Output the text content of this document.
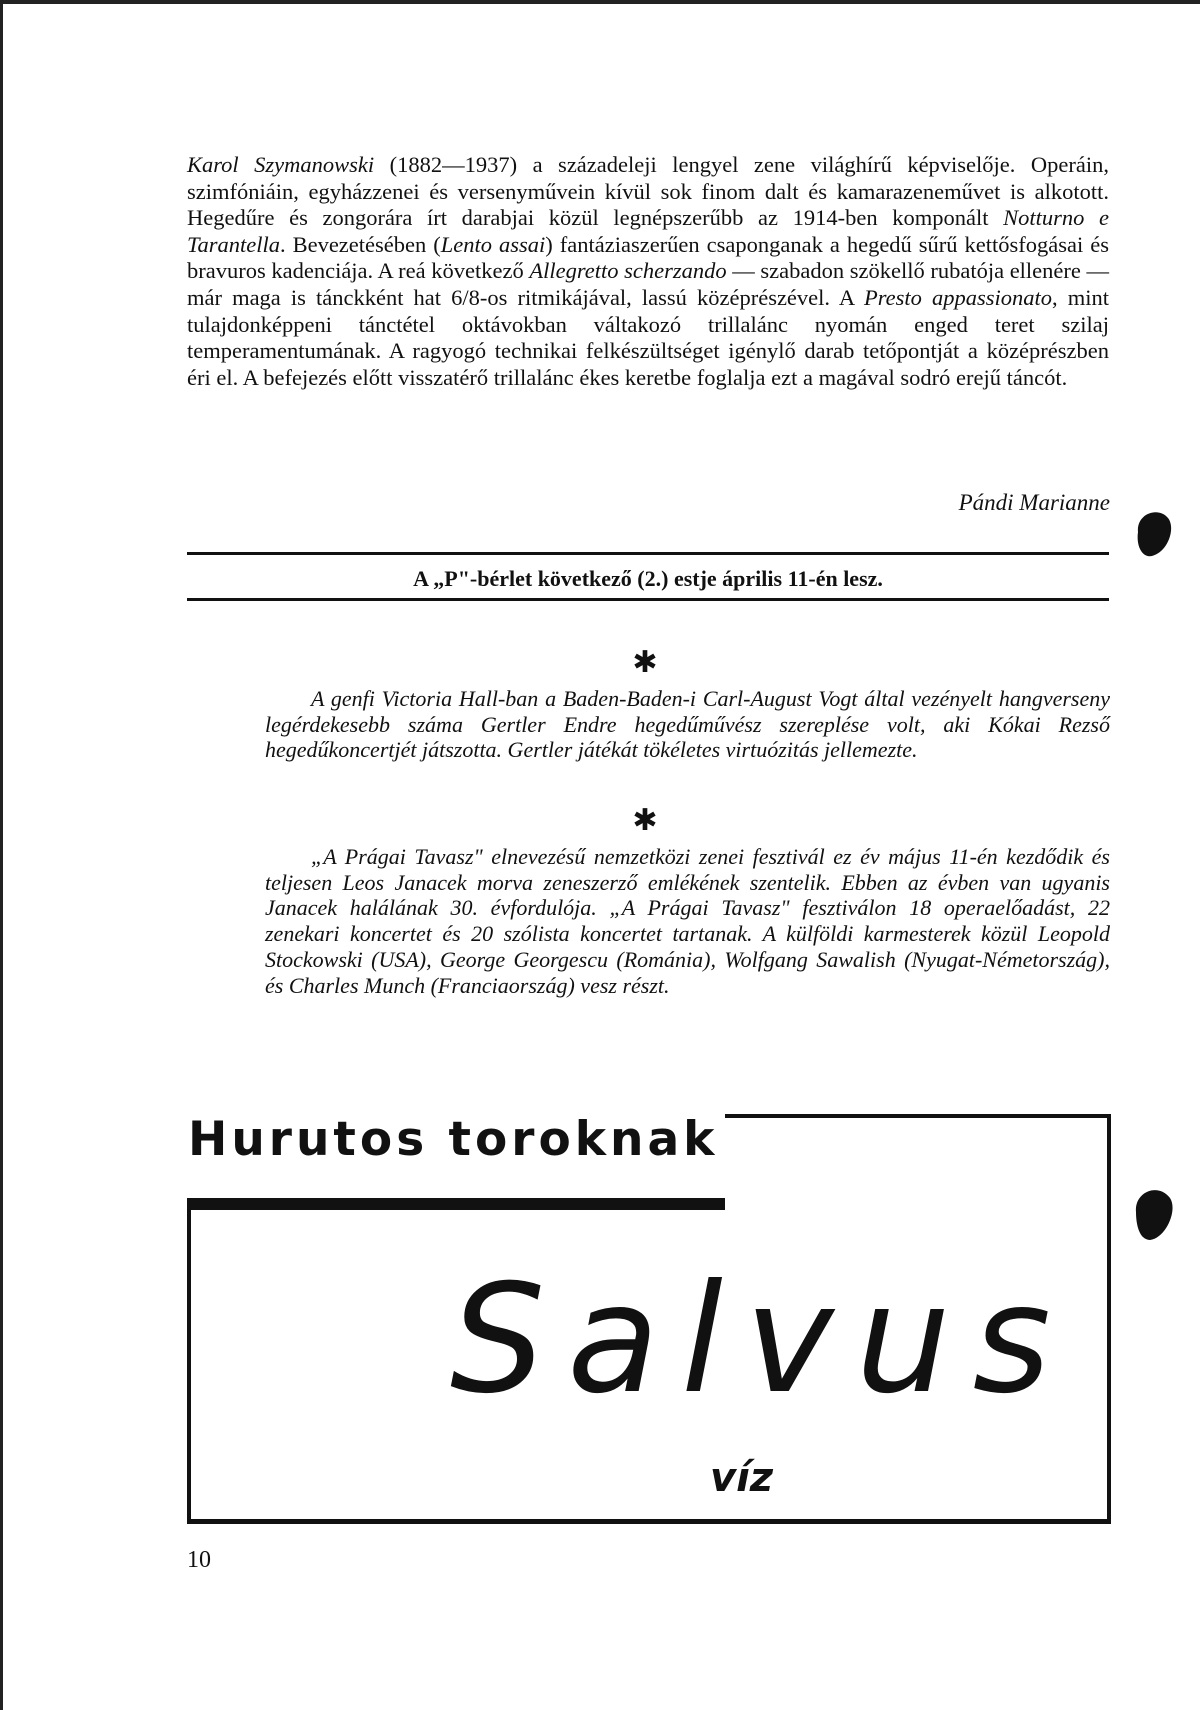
Karol Szymanowski (1882—1937) a századeleji lengyel zene világhírű képviselője. Operáin, szimfóniáin, egyházzenei és versenyművein kívül sok finom dalt és kamarazeneművet is alkotott. Hegedűre és zongorára írt darabjai közül legnépszerűbb az 1914-ben komponált Notturno e Tarantella. Bevezetésében (Lento assai) fantáziaszerűen csaponganak a hegedű sűrű kettősfogásai és bravuros kadenciája. A reá következő Allegretto scherzando — szabadon szökellő rubatója ellenére — már maga is tánckként hat 6/8-os ritmikájával, lassú középrészével. A Presto appassionato, mint tulajdonképpeni tánctétel oktávokban váltakozó trillalánc nyomán enged teret szilaj temperamentumának. A ragyogó technikai felkészültséget igénylő darab tetőpontját a középrészben éri el. A befejezés előtt visszatérő trillalánc ékes keretbe foglalja ezt a magával sodró erejű táncót.
Pándi Marianne
A „P"-bérlet következő (2.) estje április 11-én lesz.
✱

A genfi Victoria Hall-ban a Baden-Baden-i Carl-August Vogt által vezényelt hangverseny legérdekesebb száma Gertler Endre hegedűművész szereplése volt, aki Kókai Rezső hegedűkoncertjét játszotta. Gertler játékát tökéletes virtuózitás jellemezte.

✱

„A Prágai Tavasz" elnevezésű nemzetközi zenei fesztivál ez év május 11-én kezdődik és teljesen Leos Janacek morva zeneszerző emlékének szentelik. Ebben az évben van ugyanis Janacek halálának 30. évfordulója. „A Prágai Tavasz" fesztiválon 18 operaelőadást, 22 zenekari koncertet és 20 szólista koncertet tartanak. A külföldi karmesterek közül Leopold Stockowski (USA), George Georgescu (Románia), Wolfgang Sawalish (Nyugat-Németország), és Charles Munch (Franciaország) vesz részt.

Hurutos toroknak
Salvus
víz
10
